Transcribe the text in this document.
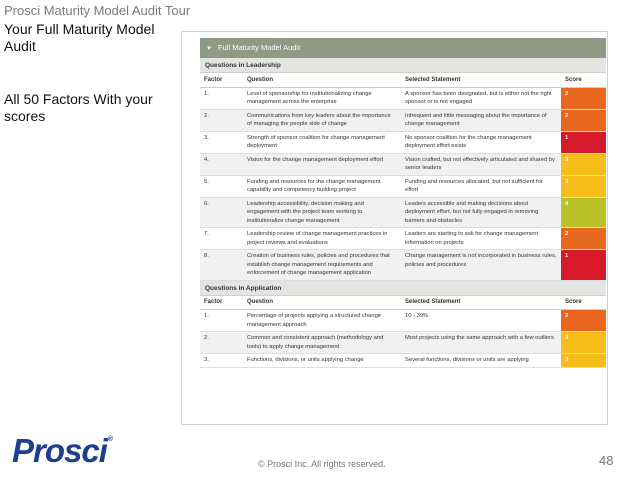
Prosci Maturity Model Audit Tour
Your Full Maturity Model Audit
All 50 Factors With your scores
▼ Full Maturity Model Audit
Questions in Leadership
Factor	Question	Selected Statement	Score
1.	Level of sponsorship for institutionalizing change management across the enterprise	A sponsor has been designated, but is either not the right sponsor or is not engaged	2
2.	Communications from key leaders about the importance of managing the people side of change	Infrequent and little messaging about the importance of change management	2
3.	Strength of sponsor coalition for change management deployment	No sponsor coalition for the change management deployment effort exists	1
4.	Vision for the change management deployment effort	Vision crafted, but not effectively articulated and shared by senior leaders	3
5.	Funding and resources for the change management capability and competency building project	Funding and resources allocated, but not sufficient for effort	3
6.	Leadership accessibility, decision making and engagement with the project team working to institutionalize change management	Leaders accessible and making decisions about deployment effort, but not fully engaged in removing barriers and obstacles	4
7.	Leadership review of change management practices in project reviews and evaluations	Leaders are starting to ask for change management information on projects	2
8.	Creation of business rules, policies and procedures that establish change management requirements and enforcement of change management application	Change management is not incorporated in business rules, policies and procedures	1
Questions in Application
Factor	Question	Selected Statement	Score
1.	Percentage of projects applying a structured change management approach	10 - 39%	2
2.	Common and consistent approach (methodology and tools) to apply change management	Most projects using the same approach with a few outliers	3
3.	Functions, divisions, or units applying change	Several functions, divisions or units are applying	3
Prosci®
© Prosci Inc. All rights reserved.	48
